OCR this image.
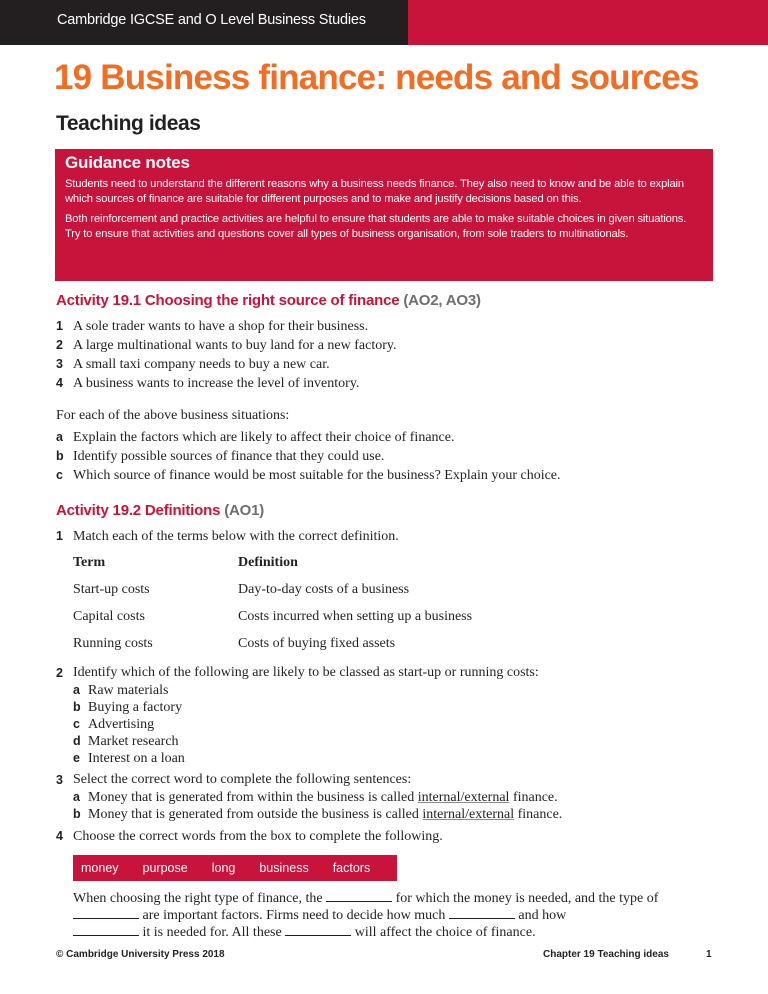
Cambridge IGCSE and O Level Business Studies
19 Business finance: needs and sources
Teaching ideas
Guidance notes

Students need to understand the different reasons why a business needs finance. They also need to know and be able to explain which sources of finance are suitable for different purposes and to make and justify decisions based on this.

Both reinforcement and practice activities are helpful to ensure that students are able to make suitable choices in given situations. Try to ensure that activities and questions cover all types of business organisation, from sole traders to multinationals.

Activity 19.1 Choosing the right source of finance (AO2, AO3)
1 A sole trader wants to have a shop for their business.
2 A large multinational wants to buy land for a new factory.
3 A small taxi company needs to buy a new car.
4 A business wants to increase the level of inventory.
For each of the above business situations:
a Explain the factors which are likely to affect their choice of finance.
b Identify possible sources of finance that they could use.
c Which source of finance would be most suitable for the business? Explain your choice.
Activity 19.2 Definitions (AO1)
1 Match each of the terms below with the correct definition.
Term	Definition
Start-up costs	Day-to-day costs of a business
Capital costs	Costs incurred when setting up a business
Running costs	Costs of buying fixed assets
2 Identify which of the following are likely to be classed as start-up or running costs:
a Raw materials
b Buying a factory
c Advertising
d Market research
e Interest on a loan
3 Select the correct word to complete the following sentences:
a Money that is generated from within the business is called internal/external finance.
b Money that is generated from outside the business is called internal/external finance.
4 Choose the correct words from the box to complete the following.
money purpose long business factors
When choosing the right type of finance, the	for which the money is needed, and the type of  are important factors. Firms need to decide how much	and how
it is needed for. All these	will affect the choice of finance.
© Cambridge University Press 2018	Chapter 19 Teaching ideas	1
